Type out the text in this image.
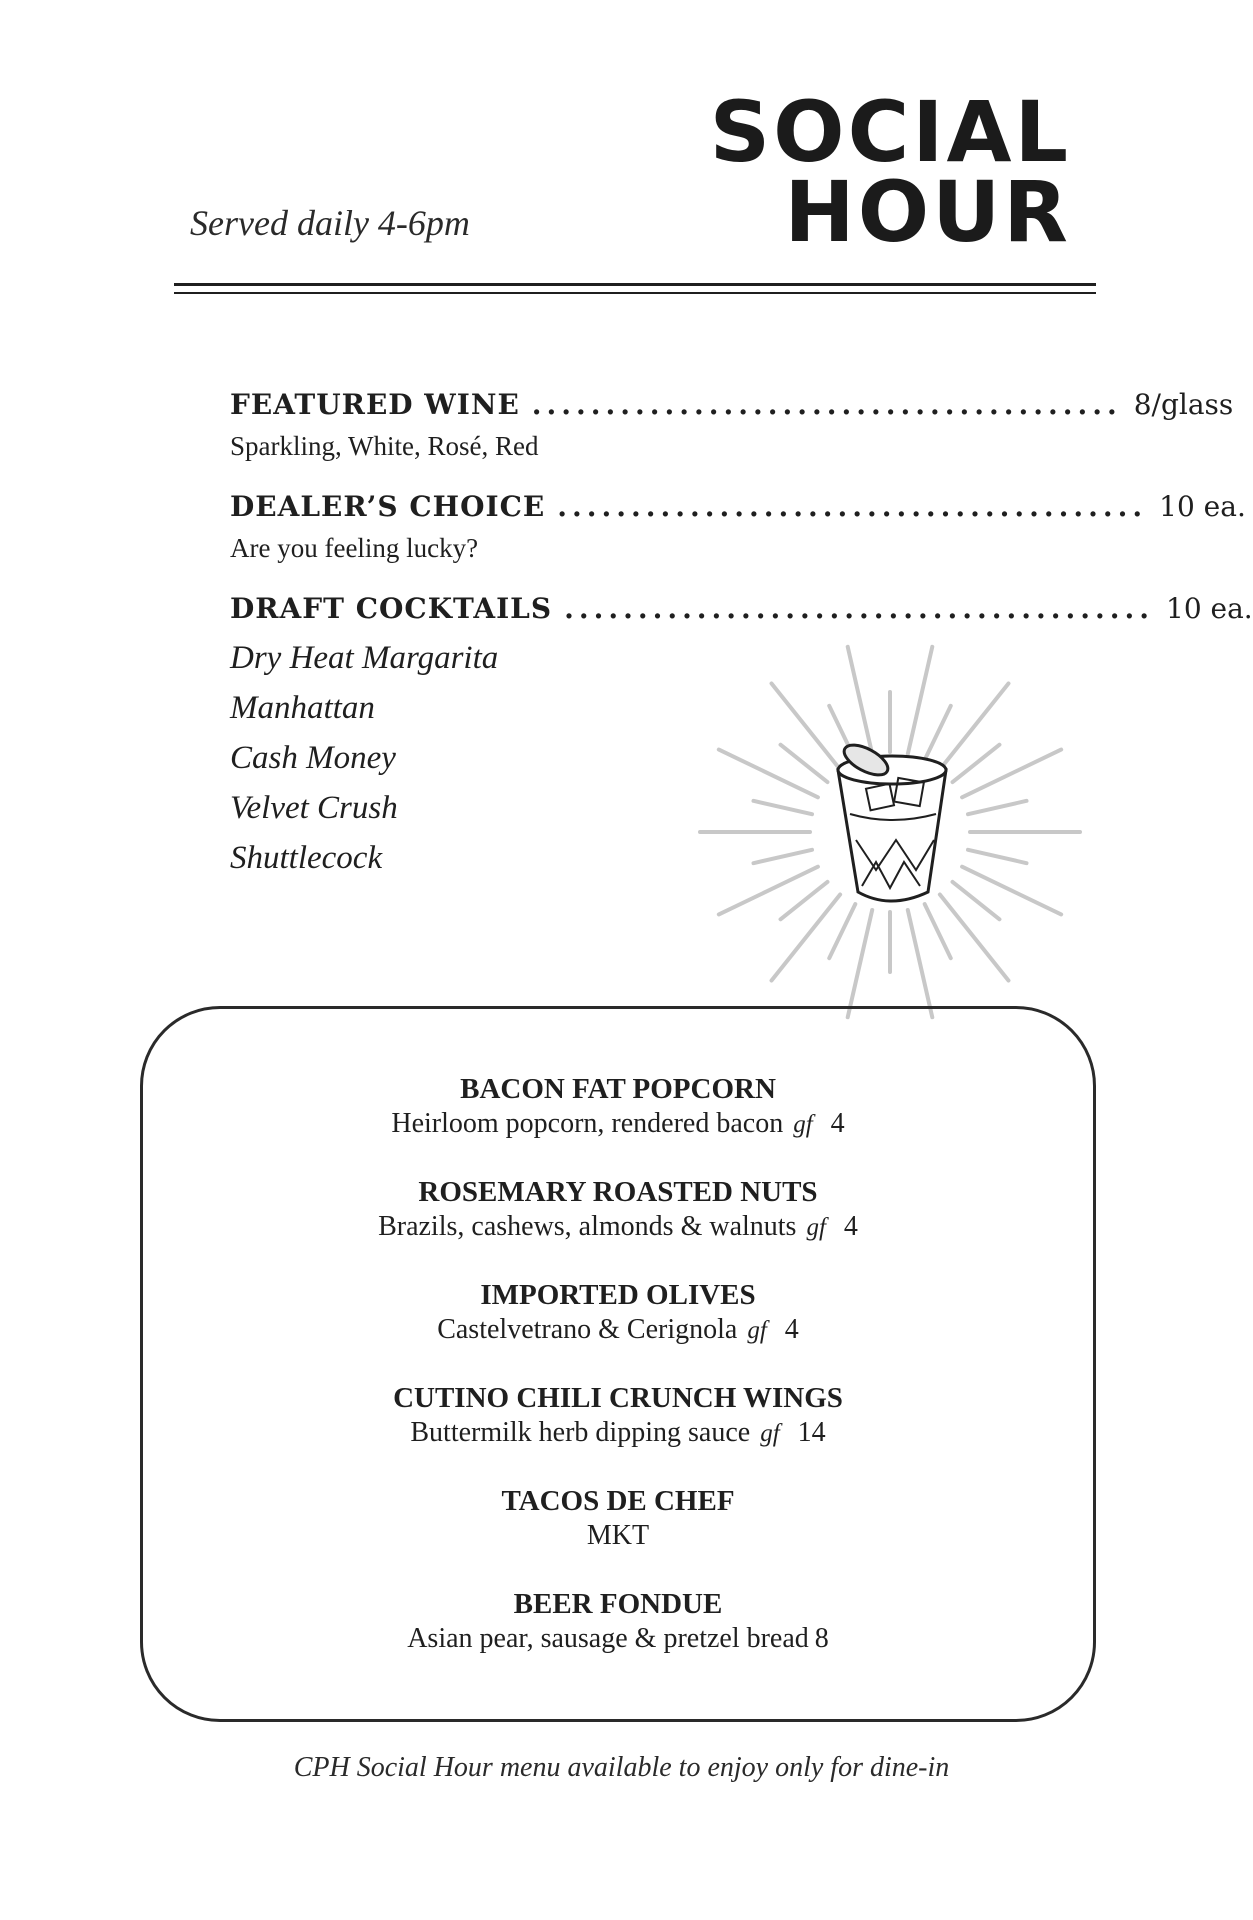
Served daily 4-6pm
SOCIAL
HOUR
FEATURED WINE ........................................ 8/glass
Sparkling, White, Rosé, Red
DEALER’S CHOICE ........................................ 10 ea.
Are you feeling lucky?
DRAFT COCKTAILS ........................................ 10 ea.
Dry Heat Margarita
Manhattan
Cash Money
Velvet Crush
Shuttlecock
BACON FAT POPCORN
Heirloom popcorn, rendered bacon gf 4
ROSEMARY ROASTED NUTS
Brazils, cashews, almonds & walnuts gf 4
IMPORTED OLIVES
Castelvetrano & Cerignola gf 4
CUTINO CHILI CRUNCH WINGS
Buttermilk herb dipping sauce gf 14
TACOS DE CHEF
MKT
BEER FONDUE
Asian pear, sausage & pretzel bread 8
CPH Social Hour menu available to enjoy only for dine-in
